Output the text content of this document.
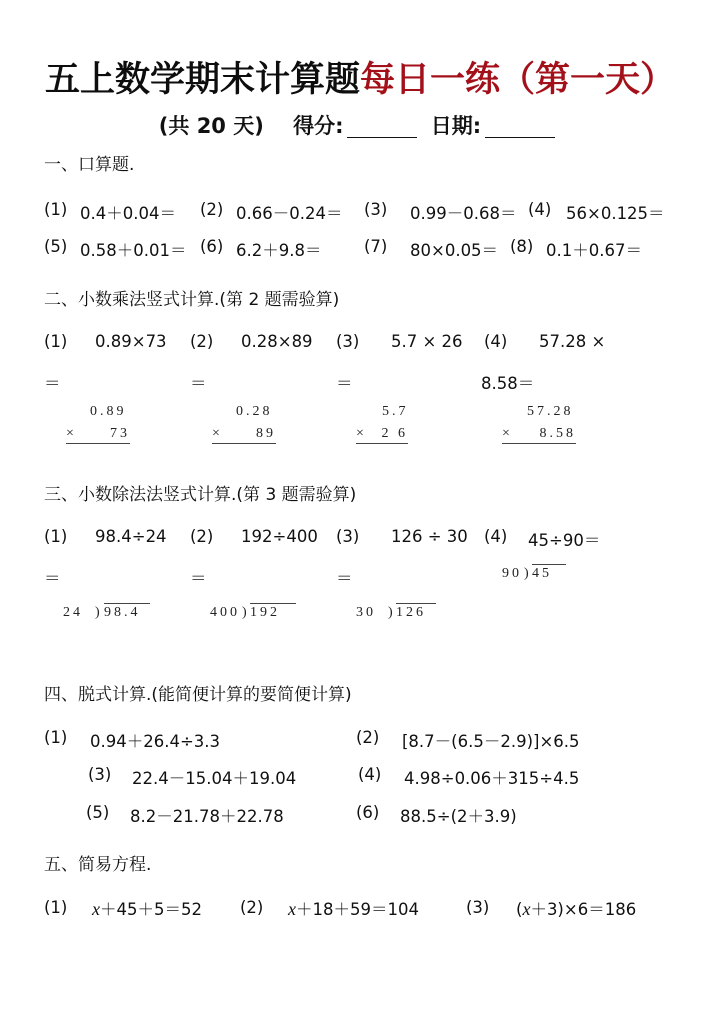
五上数学期末计算题每日一练（第一天）
(共 20 天) 得分:	日期:
一、口算题.
(1) 0.4＋0.04＝ (2) 0.66－0.24＝ (3) 0.99－0.68＝ (4) 56×0.125＝
(5) 0.58＋0.01＝ (6) 6.2＋9.8＝	(7) 80×0.05＝ (8) 0.1＋0.67＝
二、小数乘法竖式计算.(第 2 题需验算)
(1) 0.89×73
＝
(2) 0.28×89
＝
(3) 5.7 × 26
＝
(4) 57.28 ×
8.58＝
0.89
× 73
0.28
× 89
5.7
× 2 6
57.28
× 8.58
三、小数除法法竖式计算.(第 3 题需验算)
(1) 98.4÷24
＝
(2) 192÷400
＝
(3) 126 ÷ 30
＝
(4) 45÷90＝
24 ) 98.4	400 ) 192	30 ) 126
90 ) 45
四、脱式计算.(能简便计算的要简便计算)
(1) 0.94＋26.4÷3.3	(2) [8.7－(6.5－2.9)]×6.5
(3) 22.4－15.04＋19.04	(4) 4.98÷0.06＋315÷4.5
(5) 8.2－21.78＋22.78	(6) 88.5÷(2＋3.9)
五、简易方程.
(1) x＋45＋5＝52 (2) x＋18＋59＝104	(3) (x＋3)×6＝186
